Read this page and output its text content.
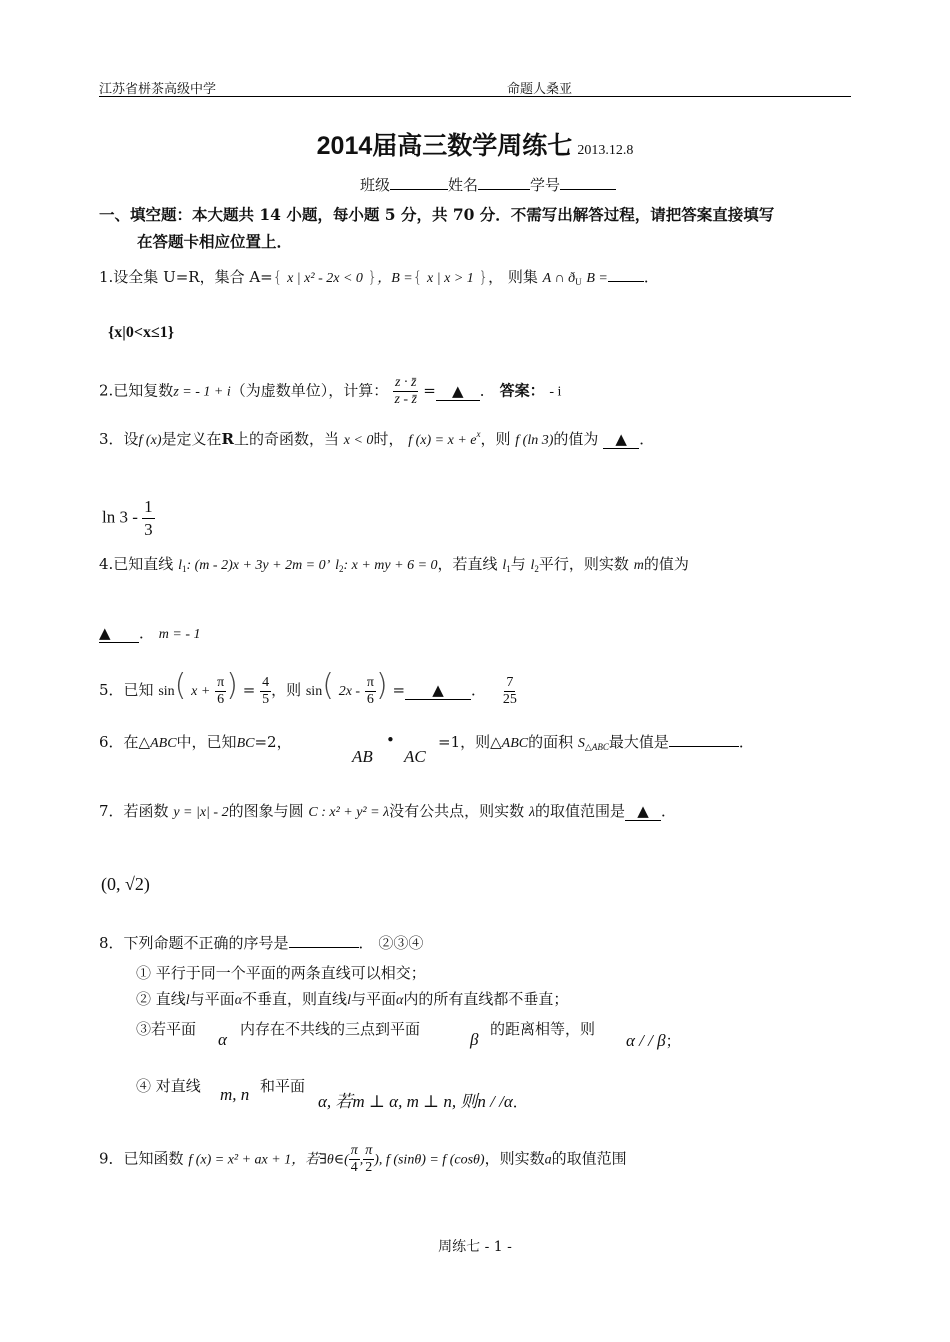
江苏省栟茶高级中学	命题人桑亚
2014届高三数学周练七 2013.12.8
班级	姓名	学号
一、填空题：本大题共 14 小题，每小题 5 分，共 70 分．不需写出解答过程，请把答案直接填写
在答题卡相应位置上．
1.设全集 U=R，集合 A={ x | x² - 2x < 0 }，B ={ x | x > 1 }， 则集 A ∩ $ð_U$ B = ．
{x|0<x≤1}
2.已知复数z = - 1 + i（为虚数单位），计算： $\frac{z \cdot z̄}{z - z̄}$ = ▲ ． 答案： - i
3．设f (x)是定义在R上的奇函数，当 x < 0时， f $(x) = x + e^x$，则 f (ln 3)的值为 ▲ ．
$\ln 3 - \frac{1}{3}$
4.已知直线 $l_1$: (m - 2)x + 3y + 2m = 0’ $l_2$: x + my + 6 = 0，若直线 $l_1$与 $l_2$平行，则实数 m的值为
▲ ． m = - 1
5．已知 sin( $x + \frac{\pi}{6}$ ) = $\frac{4}{5}$ ，则 sin( $2x - \frac{\pi}{6}$ ) = ▲ ． $\frac{7}{25}$
6．在△ABC中，已知BC=2，
AB
•
AC
=1，则△ABC的面积 $S_{\triangle ABC}$最大值是	．
7．若函数 y = |x| - 2的图象与圆 C : x² + y² = λ没有公共点，则实数 λ的取值范围是 ▲ ．
(0, √2)
8．下列命题不正确的序号是	． ②③④
① 平行于同一个平面的两条直线可以相交；
② 直线l与平面α不垂直，则直线l与平面α内的所有直线都不垂直；
③若平面
α
内存在不共线的三点到平面
β
的距离相等，则
α / / β；
④ 对直线 m, n 和平面
α, 若m ⊥ α, m ⊥ n, 则n / /α．
9．已知函数 f (x) = x² + ax + 1，若∃θ∈( $\frac{\pi}{4}$ , $\frac{\pi}{2}$ ), f (sinθ) = f (cosθ)，则实数a的取值范围
周练七 - 1 -
